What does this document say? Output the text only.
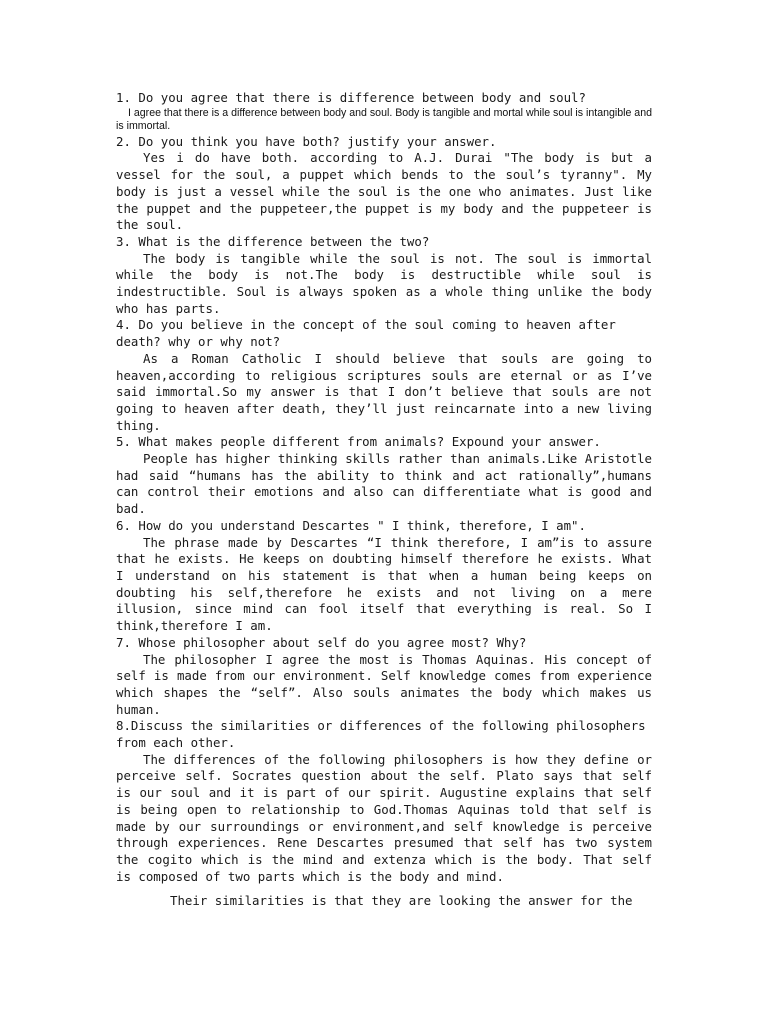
1. Do you agree that there is difference between body and soul?

I agree that there is a difference between body and soul. Body is tangible and mortal while soul is intangible and is immortal.

2. Do you think you have both? justify your answer.

Yes i do have both. according to A.J. Durai "The body is but a vessel for the soul, a puppet which bends to the soul’s tyranny". My body is just a vessel while the soul is the one who animates. Just like the puppet and the puppeteer,the puppet is my body and the puppeteer is the soul.

3. What is the difference between the two?

The body is tangible while the soul is not. The soul is immortal while the body is not.The body is destructible while soul is indestructible. Soul is always spoken as a whole thing unlike the body who has parts.

4. Do you believe in the concept of the soul coming to heaven after death? why or why not?

As a Roman Catholic I should believe that souls are going to heaven,according to religious scriptures souls are eternal or as I’ve said immortal.So my answer is that I don’t believe that souls are not going to heaven after death, they’ll just reincarnate into a new living thing.

5. What makes people different from animals? Expound your answer.

People has higher thinking skills rather than animals.Like Aristotle had said “humans has the ability to think and act rationally”,humans can control their emotions and also can differentiate what is good and bad.

6. How do you understand Descartes " I think, therefore, I am".

The phrase made by Descartes “I think therefore, I am”is to assure that he exists. He keeps on doubting himself therefore he exists. What I understand on his statement is that when a human being keeps on doubting his self,therefore he exists and not living on a mere illusion, since mind can fool itself that everything is real. So I think,therefore I am.

7. Whose philosopher about self do you agree most? Why?

The philosopher I agree the most is Thomas Aquinas. His concept of self is made from our environment. Self knowledge comes from experience which shapes the “self”. Also souls animates the body which makes us human.

8.Discuss the similarities or differences of the following philosophers from each other.

The differences of the following philosophers is how they define or perceive self. Socrates question about the self. Plato says that self is our soul and it is part of our spirit. Augustine explains that self is being open to relationship to God.Thomas Aquinas told that self is made by our surroundings or environment,and self knowledge is perceive through experiences. Rene Descartes presumed that self has two system the cogito which is the mind and extenza which is the body. That self is composed of two parts which is the body and mind.

Their similarities is that they are looking the answer for the
